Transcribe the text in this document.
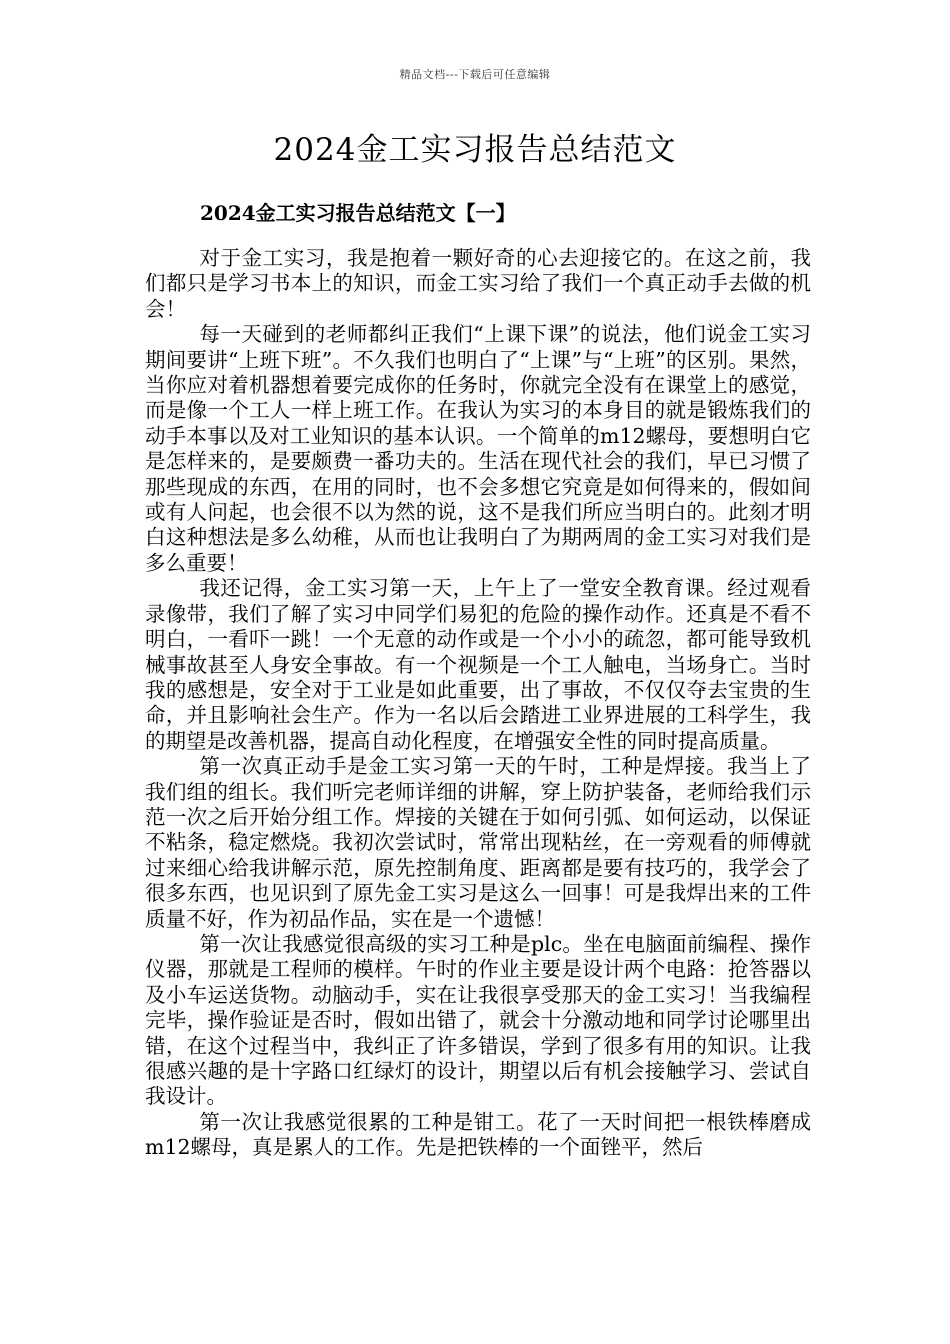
精品文档---下载后可任意编辑
2024金工实习报告总结范文
2024金工实习报告总结范文【一】

对于金工实习，我是抱着一颗好奇的心去迎接它的。在这之前，我们都只是学习书本上的知识，而金工实习给了我们一个真正动手去做的机会！

每一天碰到的老师都纠正我们“上课下课”的说法，他们说金工实习期间要讲“上班下班”。不久我们也明白了“上课”与“上班”的区别。果然，当你应对着机器想着要完成你的任务时，你就完全没有在课堂上的感觉，而是像一个工人一样上班工作。在我认为实习的本身目的就是锻炼我们的动手本事以及对工业知识的基本认识。一个简单的m12螺母，要想明白它是怎样来的，是要颇费一番功夫的。生活在现代社会的我们，早已习惯了那些现成的东西，在用的同时，也不会多想它究竟是如何得来的，假如间或有人问起，也会很不以为然的说，这不是我们所应当明白的。此刻才明白这种想法是多么幼稚，从而也让我明白了为期两周的金工实习对我们是多么重要！

我还记得，金工实习第一天，上午上了一堂安全教育课。经过观看录像带，我们了解了实习中同学们易犯的危险的操作动作。还真是不看不明白，一看吓一跳！一个无意的动作或是一个小小的疏忽，都可能导致机械事故甚至人身安全事故。有一个视频是一个工人触电，当场身亡。当时我的感想是，安全对于工业是如此重要，出了事故，不仅仅夺去宝贵的生命，并且影响社会生产。作为一名以后会踏进工业界进展的工科学生，我的期望是改善机器，提高自动化程度，在增强安全性的同时提高质量。

第一次真正动手是金工实习第一天的午时，工种是焊接。我当上了我们组的组长。我们听完老师详细的讲解，穿上防护装备，老师给我们示范一次之后开始分组工作。焊接的关键在于如何引弧、如何运动，以保证不粘条，稳定燃烧。我初次尝试时，常常出现粘丝，在一旁观看的师傅就过来细心给我讲解示范，原先控制角度、距离都是要有技巧的，我学会了很多东西，也见识到了原先金工实习是这么一回事！可是我焊出来的工件质量不好，作为初品作品，实在是一个遗憾！

第一次让我感觉很高级的实习工种是plc。坐在电脑面前编程、操作仪器，那就是工程师的模样。午时的作业主要是设计两个电路：抢答器以及小车运送货物。动脑动手，实在让我很享受那天的金工实习！当我编程完毕，操作验证是否时，假如出错了，就会十分激动地和同学讨论哪里出错，在这个过程当中，我纠正了许多错误，学到了很多有用的知识。让我很感兴趣的是十字路口红绿灯的设计，期望以后有机会接触学习、尝试自我设计。

第一次让我感觉很累的工种是钳工。花了一天时间把一根铁棒磨成m12螺母，真是累人的工作。先是把铁棒的一个面锉平，然后
